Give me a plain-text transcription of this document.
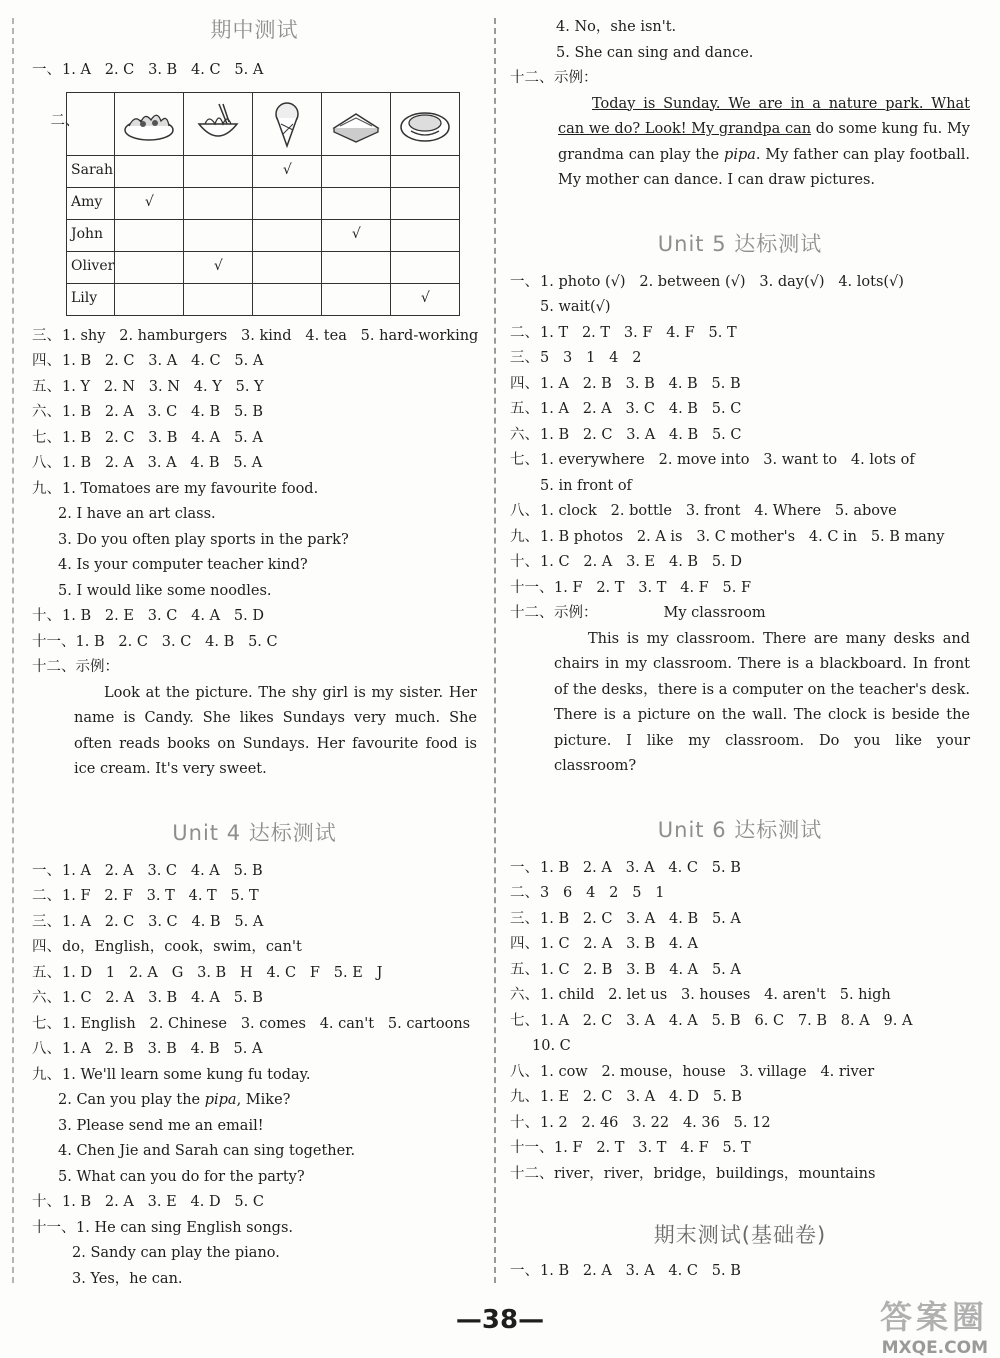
期中测试
一、1. A   2. C   3. B   4. C   5. A

二、

Sarah			√		
Amy	√				
John				√	
Oliver		√			
Lily					√

三、1. shy   2. hamburgers   3. kind   4. tea   5. hard-working
四、1. B   2. C   3. A   4. C   5. A
五、1. Y   2. N   3. N   4. Y   5. Y
六、1. B   2. A   3. C   4. B   5. B
七、1. B   2. C   3. B   4. A   5. A
八、1. B   2. A   3. A   4. B   5. A
九、1. Tomatoes are my favourite food.
2. I have an art class.
3. Do you often play sports in the park?
4. Is your computer teacher kind?
5. I would like some noodles.
十、1. B   2. E   3. C   4. A   5. D
十一、1. B   2. C   3. C   4. B   5. C
十二、示例：
Look at the picture. The shy girl is my sister. Her name is Candy. She likes Sundays very much. She often reads books on Sundays. Her favourite food is ice cream. It's very sweet.
Unit 4 达标测试
一、1. A   2. A   3. C   4. A   5. B
二、1. F   2. F   3. T   4. T   5. T
三、1. A   2. C   3. C   4. B   5. A
四、do，English，cook，swim，can't
五、1. D   1   2. A   G   3. B   H   4. C   F   5. E   J
六、1. C   2. A   3. B   4. A   5. B
七、1. English   2. Chinese   3. comes   4. can't   5. cartoons
八、1. A   2. B   3. B   4. B   5. A
九、1. We'll learn some kung fu today.
2. Can you play the pipa, Mike?
3. Please send me an email!
4. Chen Jie and Sarah can sing together.
5. What can you do for the party?
十、1. B   2. A   3. E   4. D   5. C
十一、1. He can sing English songs.
2. Sandy can play the piano.
3. Yes，he can.
4. No，she isn't.
5. She can sing and dance.
十二、示例：
Today is Sunday. We are in a nature park. What can we do? Look! My grandpa can do some kung fu. My grandma can play the pipa. My father can play football. My mother can dance. I can draw pictures.
Unit 5 达标测试
一、1. photo (√)   2. between (√)   3. day(√)   4. lots(√)
5. wait(√)
二、1. T   2. T   3. F   4. F   5. T
三、5   3   1   4   2
四、1. A   2. B   3. B   4. B   5. B
五、1. A   2. A   3. C   4. B   5. C
六、1. B   2. C   3. A   4. B   5. C
七、1. everywhere   2. move into   3. want to   4. lots of
5. in front of
八、1. clock   2. bottle   3. front   4. Where   5. above
九、1. B photos   2. A is   3. C mother's   4. C in   5. B many
十、1. C   2. A   3. E   4. B   5. D
十一、1. F   2. T   3. T   4. F   5. F
十二、示例：	My classroom
This is my classroom. There are many desks and chairs in my classroom. There is a blackboard. In front of the desks，there is a computer on the teacher's desk. There is a picture on the wall. The clock is beside the picture. I like my classroom. Do you like your classroom?
Unit 6 达标测试
一、1. B   2. A   3. A   4. C   5. B
二、3   6   4   2   5   1
三、1. B   2. C   3. A   4. B   5. A
四、1. C   2. A   3. B   4. A
五、1. C   2. B   3. B   4. A   5. A
六、1. child   2. let us   3. houses   4. aren't   5. high
七、1. A   2. C   3. A   4. A   5. B   6. C   7. B   8. A   9. A
10. C
八、1. cow   2. mouse，house   3. village   4. river
九、1. E   2. C   3. A   4. D   5. B
十、1. 2   2. 46   3. 22   4. 36   5. 12
十一、1. F   2. T   3. T   4. F   5. T
十二、river，river，bridge，buildings，mountains
期末测试(基础卷)
一、1. B   2. A   3. A   4. C   5. B
—38—	答案圈
MXQE.COM
